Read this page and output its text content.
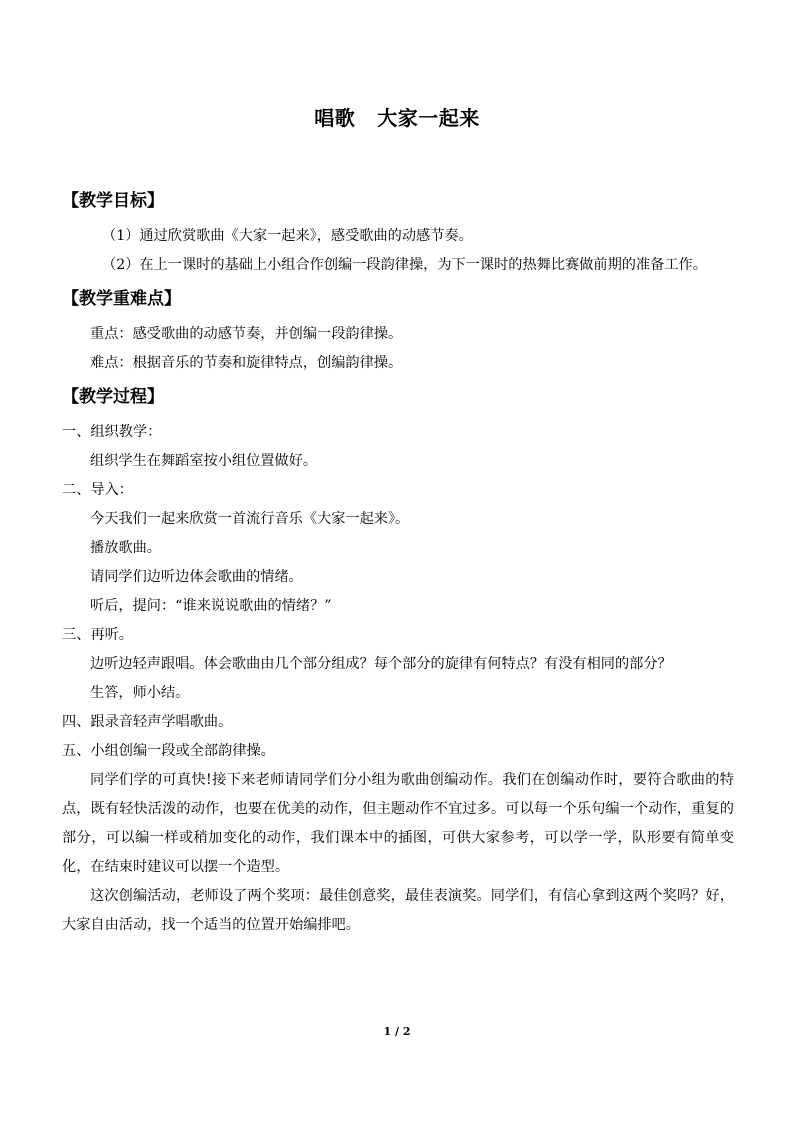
唱歌 大家一起来
【教学目标】

（1）通过欣赏歌曲《大家一起来》，感受歌曲的动感节奏。

（2）在上一课时的基础上小组合作创编一段韵律操，为下一课时的热舞比赛做前期的准备工作。

【教学重难点】

重点：感受歌曲的动感节奏，并创编一段韵律操。

难点：根据音乐的节奏和旋律特点，创编韵律操。

【教学过程】

一、组织教学：

组织学生在舞蹈室按小组位置做好。

二、导入：

今天我们一起来欣赏一首流行音乐《大家一起来》。

播放歌曲。

请同学们边听边体会歌曲的情绪。

听后，提问：“谁来说说歌曲的情绪？”

三、再听。

边听边轻声跟唱。体会歌曲由几个部分组成？每个部分的旋律有何特点？有没有相同的部分？

生答，师小结。

四、跟录音轻声学唱歌曲。

五、小组创编一段或全部韵律操。

同学们学的可真快!接下来老师请同学们分小组为歌曲创编动作。我们在创编动作时，要符合歌曲的特点，既有轻快活泼的动作，也要在优美的动作，但主题动作不宜过多。可以每一个乐句编一个动作，重复的部分，可以编一样或稍加变化的动作，我们课本中的插图，可供大家参考，可以学一学，队形要有简单变化，在结束时建议可以摆一个造型。

这次创编活动，老师设了两个奖项：最佳创意奖，最佳表演奖。同学们，有信心拿到这两个奖吗？好，大家自由活动，找一个适当的位置开始编排吧。

1 / 2
